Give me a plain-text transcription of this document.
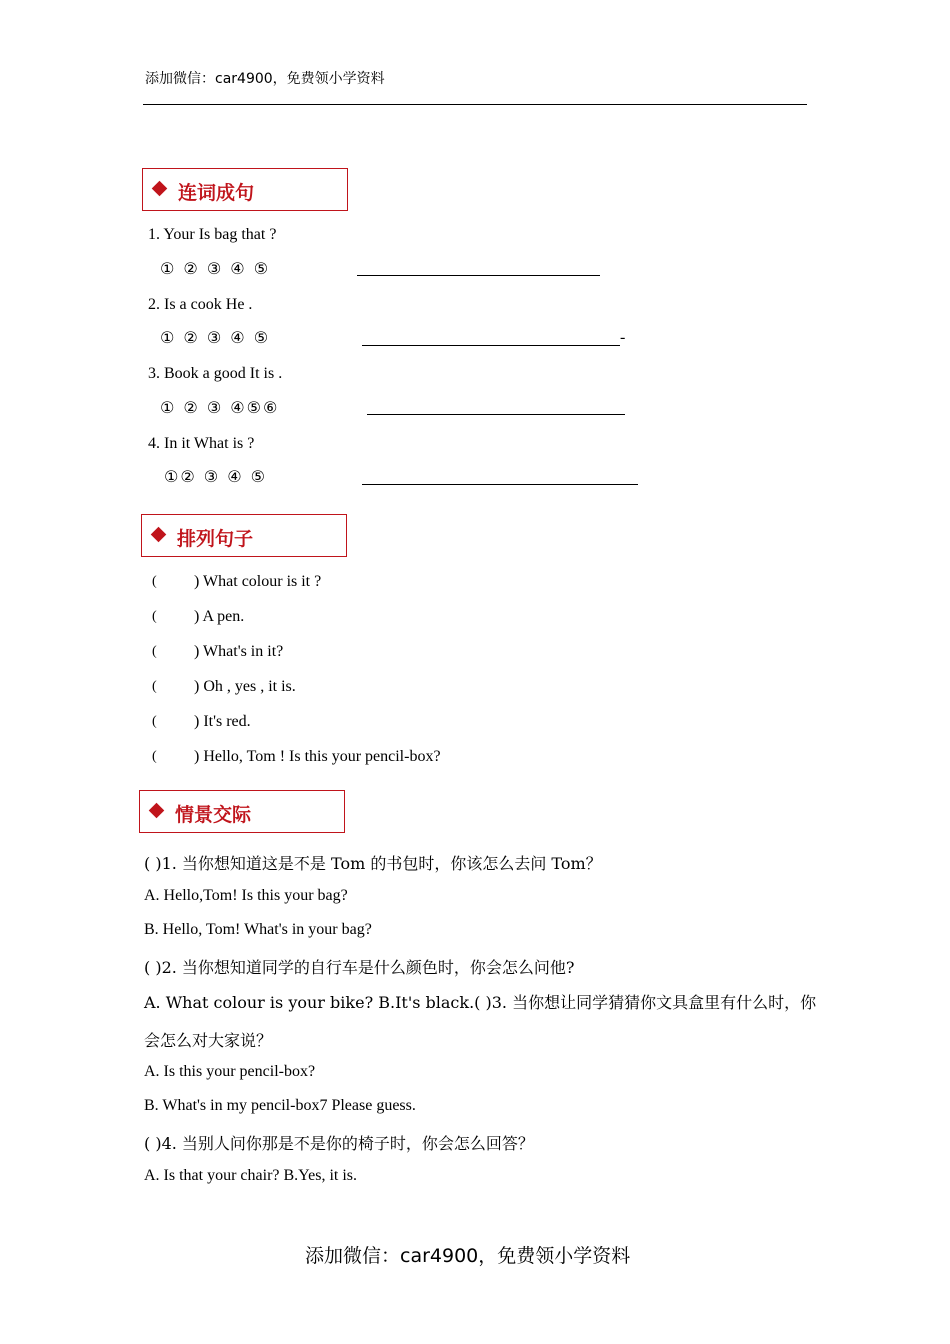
添加微信：car4900，免费领小学资料
连词成句
1. Your Is bag that ?
① ② ③ ④ ⑤
2. Is a cook He .
① ② ③ ④ ⑤	-
3. Book a good It is .
① ② ③ ④⑤⑥
4. In it What is ?
①② ③ ④ ⑤
排列句子
( ) What colour is it ?
( ) A pen.
( ) What's in it?
( ) Oh , yes , it is.
( ) It's red.
( ) Hello, Tom ! Is this your pencil-box?
情景交际
( )1. 当你想知道这是不是 Tom 的书包时，你该怎么去问 Tom？
A. Hello,Tom! Is this your bag?
B. Hello, Tom! What's in your bag?
( )2. 当你想知道同学的自行车是什么颜色时，你会怎么问他?
A. What colour is your bike? B.It's black.( )3. 当你想让同学猜猜你文具盒里有什么时，你
会怎么对大家说？
A. Is this your pencil-box?
B. What's in my pencil-box7 Please guess.
( )4. 当别人问你那是不是你的椅子时，你会怎么回答？
A. Is that your chair? B.Yes, it is.
添加微信：car4900，免费领小学资料
